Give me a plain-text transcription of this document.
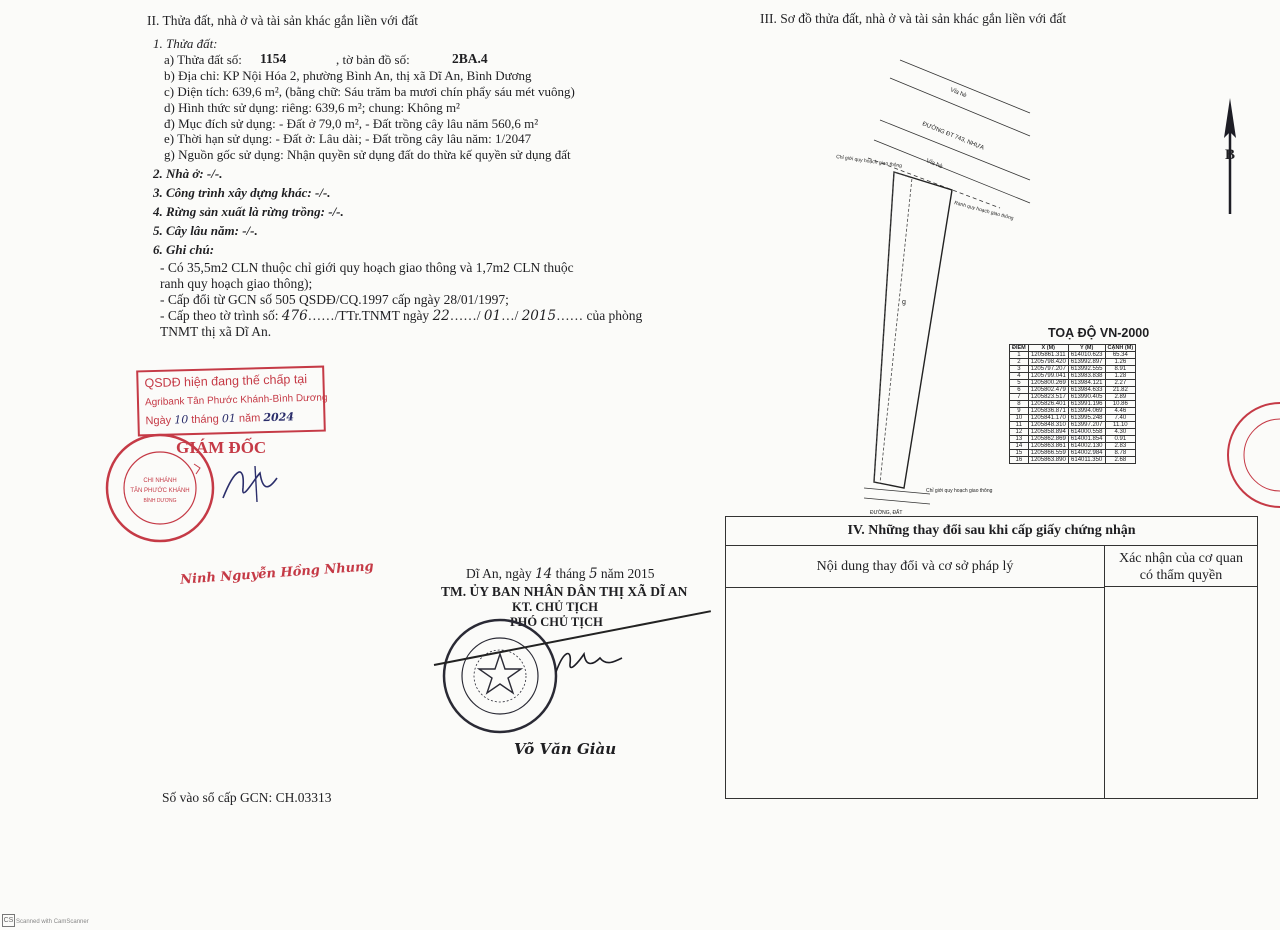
II. Thửa đất, nhà ở và tài sản khác gắn liền với đất
1. Thửa đất:
a) Thửa đất số: 1154	, tờ bản đồ số:	2BA.4
b) Địa chỉ: KP Nội Hóa 2, phường Bình An, thị xã Dĩ An, Bình Dương
c) Diện tích: 639,6 m², (bằng chữ: Sáu trăm ba mươi chín phẩy sáu mét vuông)
d) Hình thức sử dụng: riêng: 639,6 m²; chung: Không m²
đ) Mục đích sử dụng: - Đất ở 79,0 m², - Đất trồng cây lâu năm 560,6 m²
e) Thời hạn sử dụng: - Đất ở: Lâu dài; - Đất trồng cây lâu năm: 1/2047
g) Nguồn gốc sử dụng: Nhận quyền sử dụng đất do thừa kế quyền sử dụng đất
2. Nhà ở: -/-.
3. Công trình xây dựng khác: -/-.
4. Rừng sản xuất là rừng trồng: -/-.
5. Cây lâu năm: -/-.
6. Ghi chú:
- Có 35,5m2 CLN thuộc chỉ giới quy hoạch giao thông và 1,7m2 CLN thuộc
ranh quy hoạch giao thông);
- Cấp đổi từ GCN số 505 QSDĐ/CQ.1997 cấp ngày 28/01/1997;
- Cấp theo tờ trình số: 476……/TTr.TNMT ngày 22……/ 01…/ 2015…… của phòng
TNMT thị xã Dĩ An.
QSDĐ hiện đang thế chấp tại
Agribank Tân Phước Khánh-Bình Dương
Ngày 10 tháng 01 năm 2024
CHI NHÁNH
TÂN PHƯỚC KHÁNH
BÌNH DƯƠNG
GIÁM ĐỐC
Ninh Nguyễn Hồng Nhung	Dĩ An, ngày 14 tháng 5 năm 2015
TM. ỦY BAN NHÂN DÂN THỊ XÃ DĨ AN
KT. CHỦ TỊCH
PHÓ CHỦ TỊCH
Võ Văn Giàu
Số vào sổ cấp GCN: CH.03313
III. Sơ đồ thửa đất, nhà ở và tài sản khác gắn liền với đất
B
Vỉa hè
ĐƯỜNG ĐT 743, NHỰA
Vỉa hè
Chỉ giới quy hoạch giao thông
Ranh quy hoạch giao thông
Chỉ giới quy hoạch giao thông
ĐƯỜNG, ĐẤT
g
TOẠ ĐỘ VN-2000
ĐIỂM	X (M)	Y (M)	CẠNH (M)
1	1205861.311	614010.623	65.34
2	1205798.420	613992.897	1.26
3	1205797.207	613992.555	8.91
4	1205799.041	613983.838	1.28
5	1205800.269	613984.121	2.27
6	1205802.479	613984.633	21.82
7	1205823.517	613990.405	2.89
8	1205826.401	613991.196	10.86
9	1205836.871	613994.069	4.46
10	1205841.170	613995.248	7.40
11	1205848.310	613997.207	11.10
12	1205858.894	614000.558	4.30
13	1205862.869	614001.854	0.91
14	1205863.861	614002.130	2.83
15	1205866.559	614002.984	8.78
16	1205863.890	614011.350	2.68
IV. Những thay đổi sau khi cấp giấy chứng nhận
Nội dung thay đổi và cơ sở pháp lý
Xác nhận của cơ quan
có thẩm quyền
CS Scanned with CamScanner
